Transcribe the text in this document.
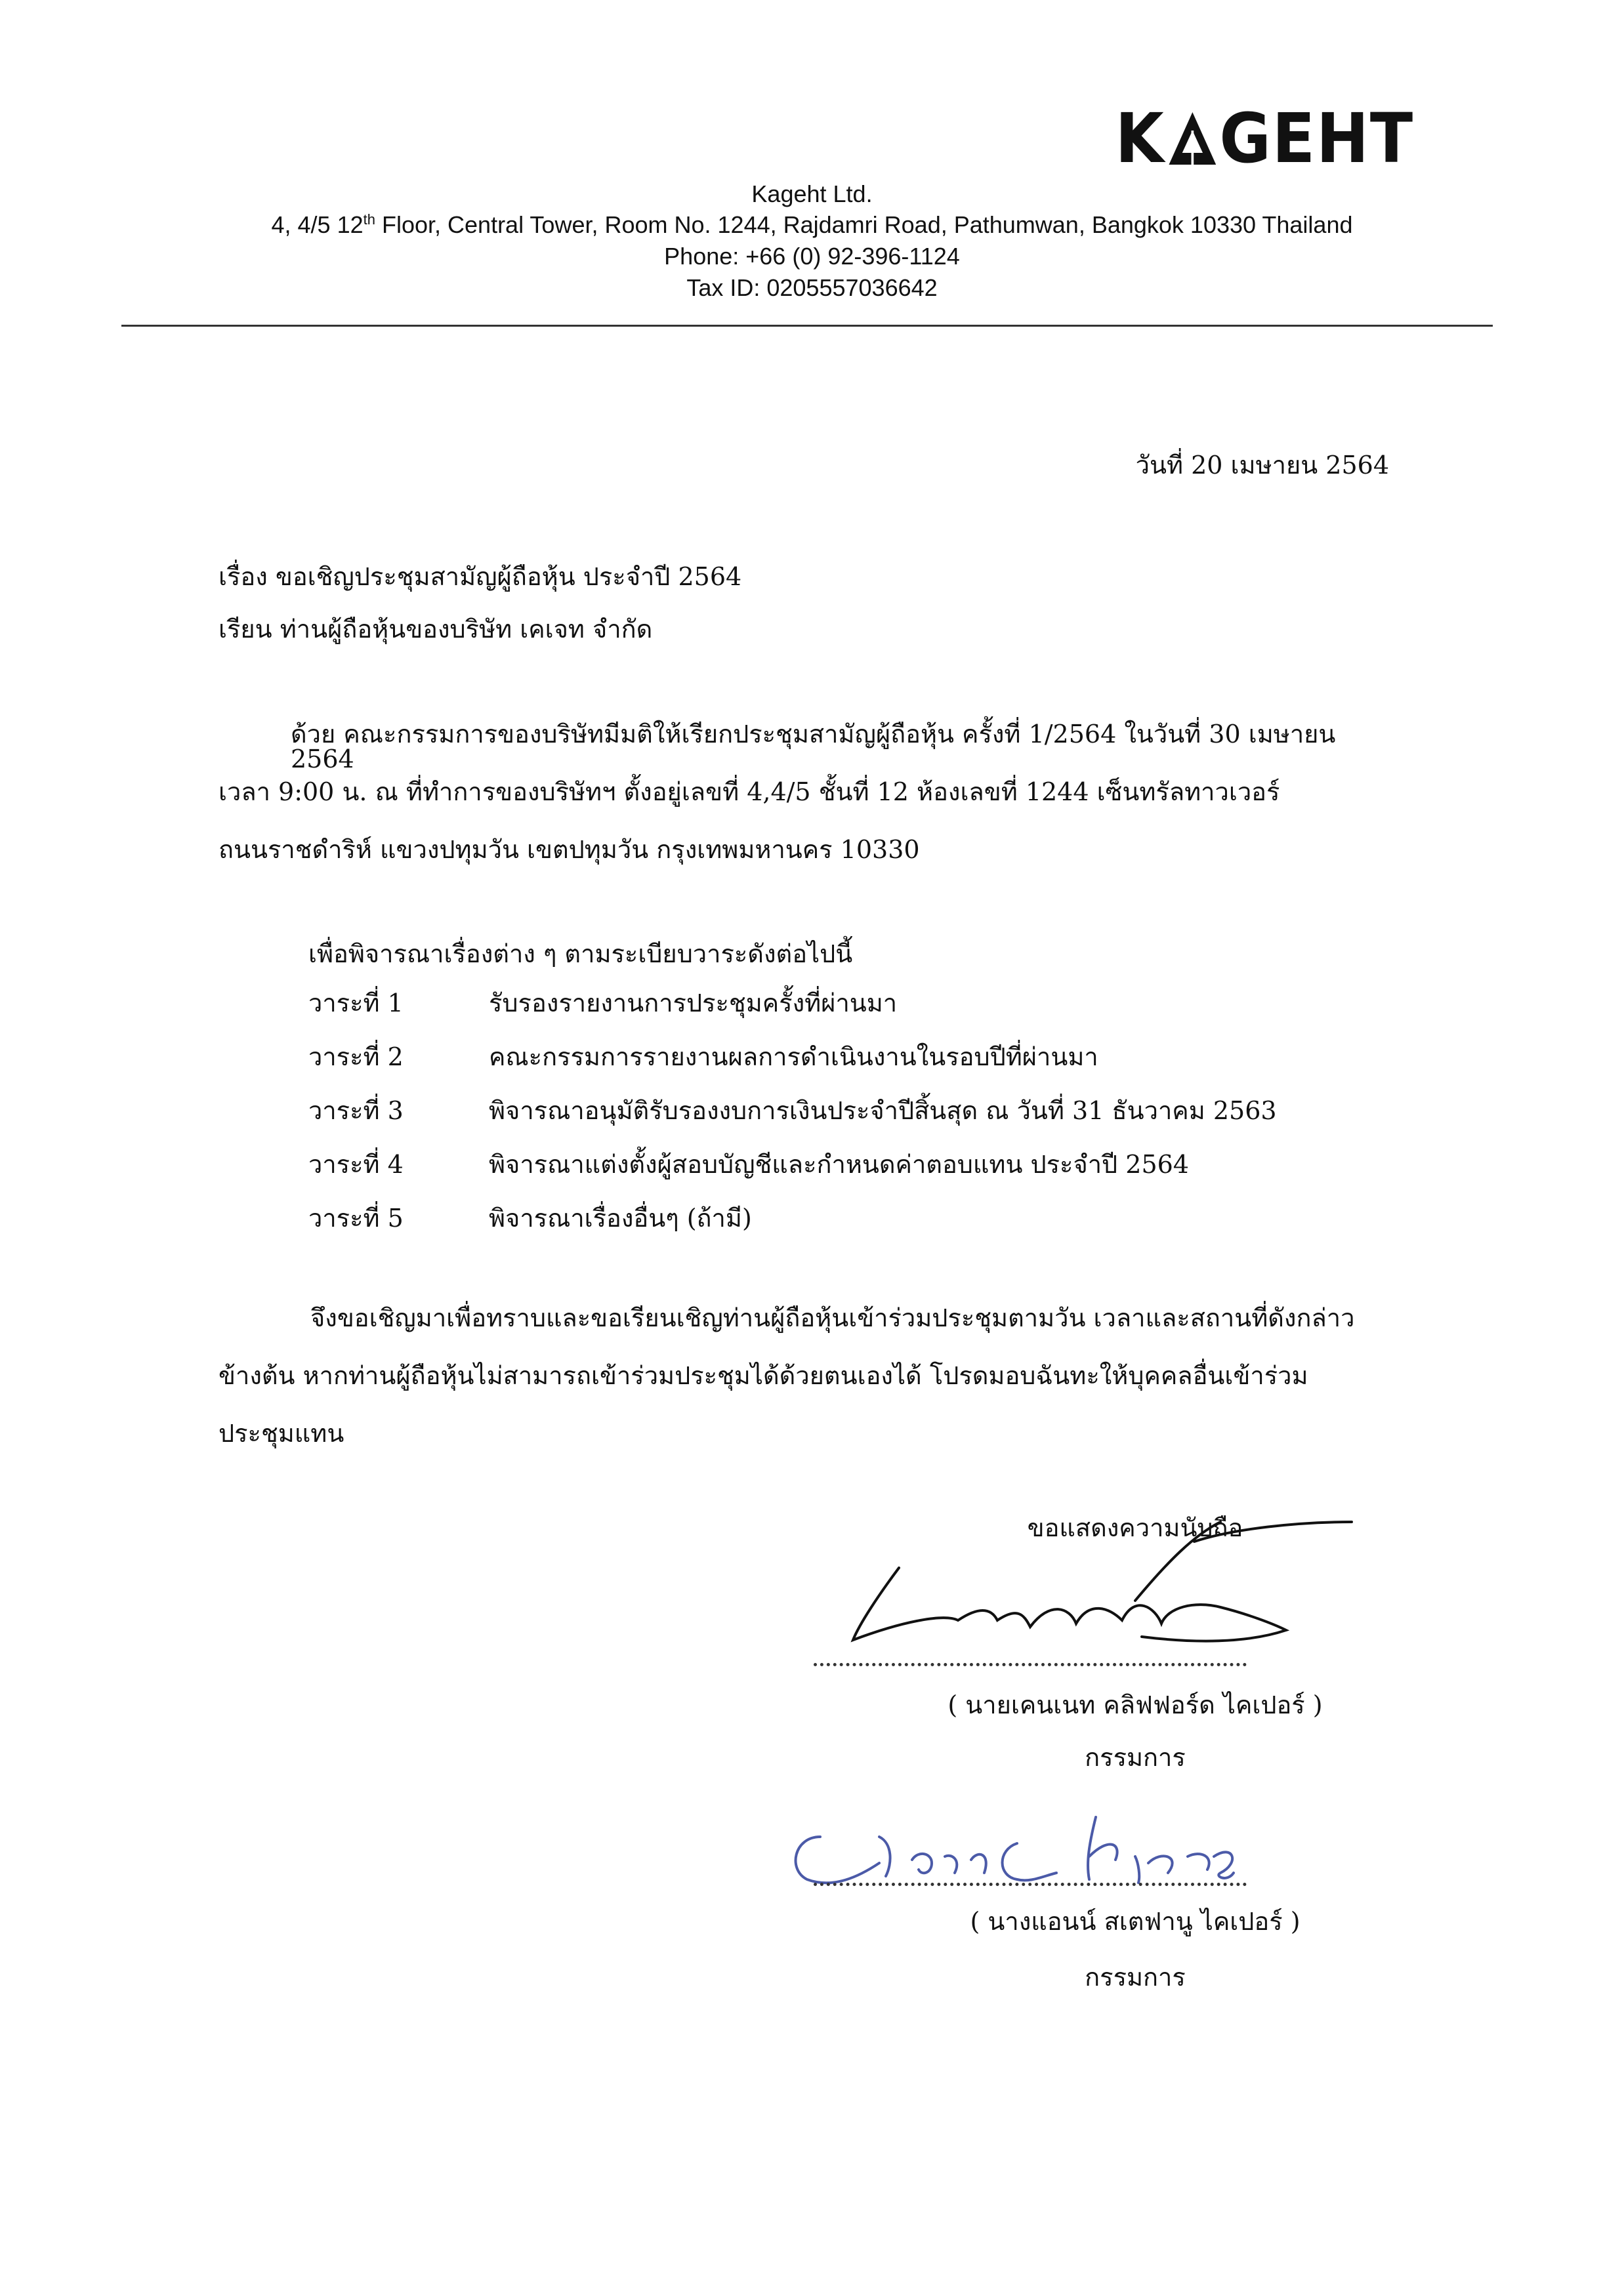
K GEHT
Kageht Ltd.
4, 4/5 12th Floor, Central Tower, Room No. 1244, Rajdamri Road, Pathumwan, Bangkok 10330 Thailand
Phone: +66 (0) 92-396-1124
Tax ID: 0205557036642
วันที่ 20 เมษายน 2564
เรื่อง ขอเชิญประชุมสามัญผู้ถือหุ้น ประจำปี 2564
เรียน ท่านผู้ถือหุ้นของบริษัท เคเจท จำกัด

ด้วย คณะกรรมการของบริษัทมีมติให้เรียกประชุมสามัญผู้ถือหุ้น ครั้งที่ 1/2564 ในวันที่ 30 เมษายน 2564

เวลา 9:00 น. ณ ที่ทำการของบริษัทฯ ตั้งอยู่เลขที่ 4,4/5 ชั้นที่ 12 ห้องเลขที่ 1244 เซ็นทรัลทาวเวอร์

ถนนราชดำริห์ แขวงปทุมวัน เขตปทุมวัน กรุงเทพมหานคร 10330

เพื่อพิจารณาเรื่องต่าง ๆ ตามระเบียบวาระดังต่อไปนี้
วาระที่ 1	รับรองรายงานการประชุมครั้งที่ผ่านมา
วาระที่ 2	คณะกรรมการรายงานผลการดำเนินงานในรอบปีที่ผ่านมา
วาระที่ 3	พิจารณาอนุมัติรับรองงบการเงินประจำปีสิ้นสุด ณ วันที่ 31 ธันวาคม 2563
วาระที่ 4	พิจารณาแต่งตั้งผู้สอบบัญชีและกำหนดค่าตอบแทน ประจำปี 2564
วาระที่ 5	พิจารณาเรื่องอื่นๆ (ถ้ามี)

จึงขอเชิญมาเพื่อทราบและขอเรียนเชิญท่านผู้ถือหุ้นเข้าร่วมประชุมตามวัน เวลาและสถานที่ดังกล่าว

ข้างต้น หากท่านผู้ถือหุ้นไม่สามารถเข้าร่วมประชุมได้ด้วยตนเองได้ โปรดมอบฉันทะให้บุคคลอื่นเข้าร่วม

ประชุมแทน

ขอแสดงความนับถือ
( นายเคนเนท คลิฟฟอร์ด ไคเปอร์ )
กรรมการ
( นางแอนน์ สเตฟานู ไคเปอร์ )
กรรมการ
